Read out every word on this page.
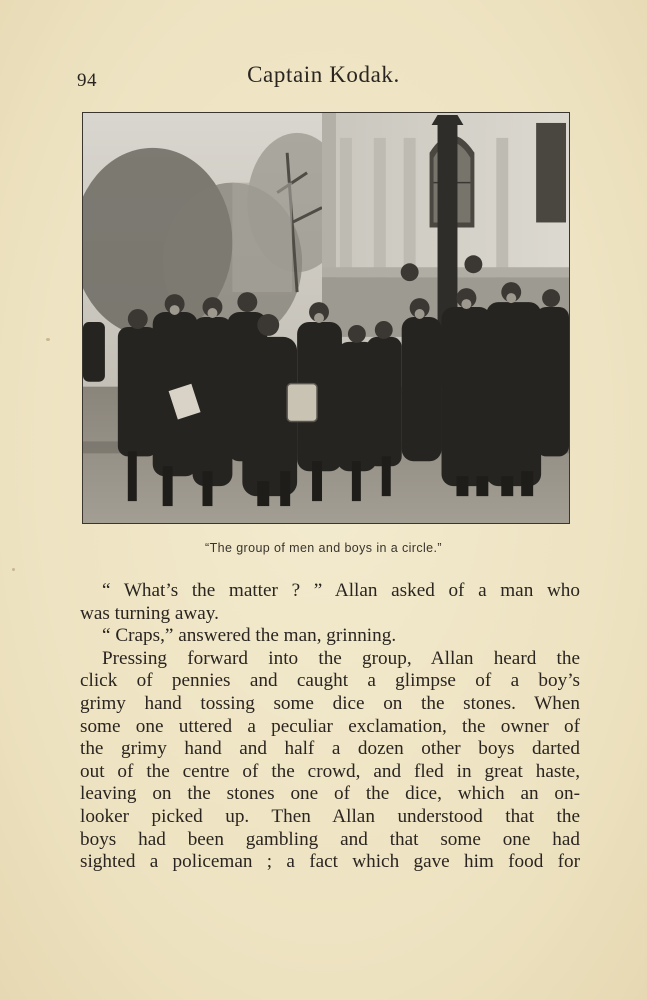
94	Captain Kodak.
“The group of men and boys in a circle.”
“ What’s the matter ? ” Allan asked of a man who
was turning away.
“ Craps,” answered the man, grinning.
Pressing forward into the group, Allan heard the
click of pennies and caught a glimpse of a boy’s
grimy hand tossing some dice on the stones. When
some one uttered a peculiar exclamation, the owner of
the grimy hand and half a dozen other boys darted
out of the centre of the crowd, and fled in great haste,
leaving on the stones one of the dice, which an on-
looker picked up. Then Allan understood that the
boys had been gambling and that some one had
sighted a policeman ; a fact which gave him food for
